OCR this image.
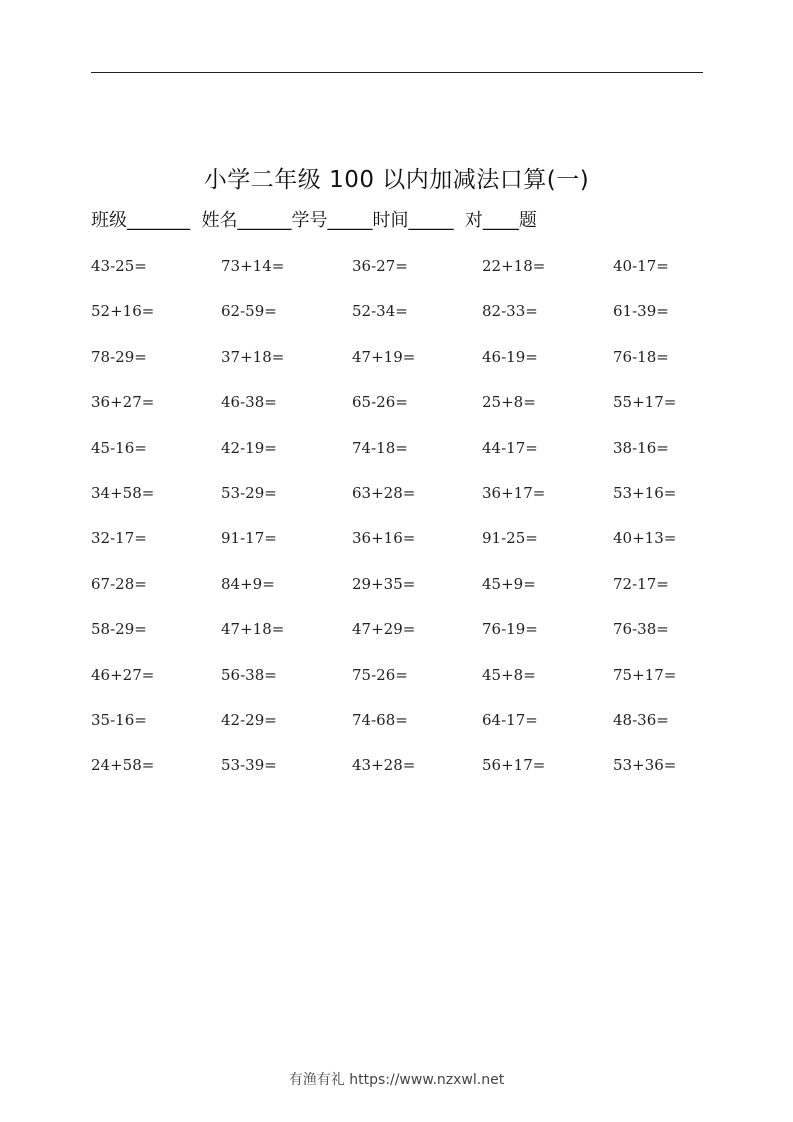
小学二年级 100 以内加减法口算(一)
班级_______  姓名______学号_____时间_____  对____题
43-25=	73+14=	36-27=	22+18=	40-17=
52+16=	62-59=	52-34=	82-33=	61-39=
78-29=	37+18=	47+19=	46-19=	76-18=
36+27=	46-38=	65-26=	25+8=	55+17=
45-16=	42-19=	74-18=	44-17=	38-16=
34+58=	53-29=	63+28=	36+17=	53+16=
32-17=	91-17=	36+16=	91-25=	40+13=
67-28=	84+9=	29+35=	45+9=	72-17=
58-29=	47+18=	47+29=	76-19=	76-38=
46+27=	56-38=	75-26=	45+8=	75+17=
35-16=	42-29=	74-68=	64-17=	48-36=
24+58=	53-39=	43+28=	56+17=	53+36=
有渔有礼 https://www.nzxwl.net
